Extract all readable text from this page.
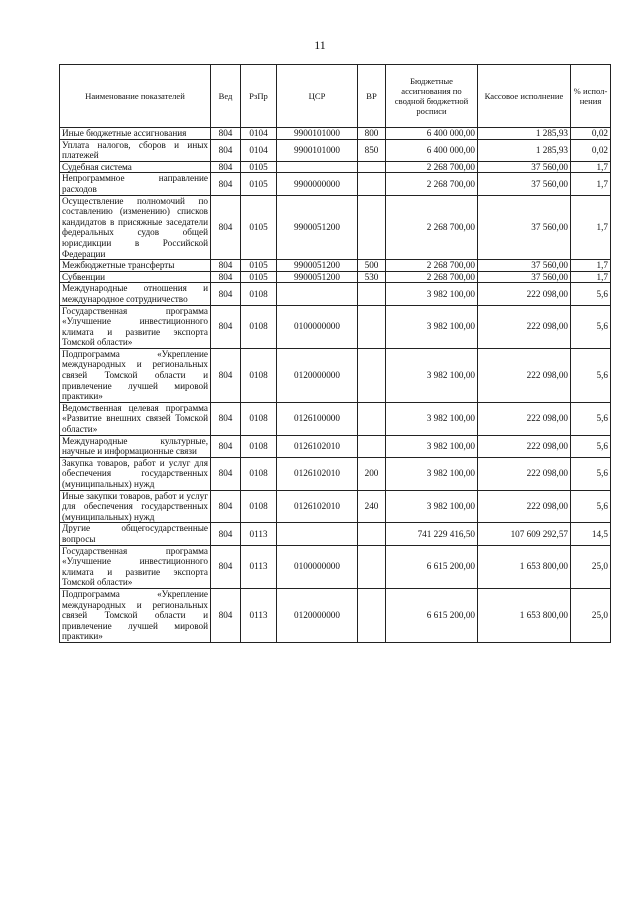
11
Наименование показателей	Вед	РзПр	ЦСР	ВР	Бюджетные ассигнования по сводной бюджетной росписи	Кассовое исполнение	% испол-нения
Иные бюджетные ассигнования	804	0104	9900101000	800	6 400 000,00	1 285,93	0,02
Уплата налогов, сборов и иных платежей	804	0104	9900101000	850	6 400 000,00	1 285,93	0,02
Судебная система	804	0105			2 268 700,00	37 560,00	1,7
Непрограммное направление расходов	804	0105	9900000000		2 268 700,00	37 560,00	1,7
Осуществление полномочий по составлению (изменению) списков кандидатов в присяжные заседатели федеральных судов общей юрисдикции в Российской Федерации	804	0105	9900051200		2 268 700,00	37 560,00	1,7
Межбюджетные трансферты	804	0105	9900051200	500	2 268 700,00	37 560,00	1,7
Субвенции	804	0105	9900051200	530	2 268 700,00	37 560,00	1,7
Международные отношения и международное сотрудничество	804	0108			3 982 100,00	222 098,00	5,6
Государственная программа «Улучшение инвестиционного климата и развитие экспорта Томской области»	804	0108	0100000000		3 982 100,00	222 098,00	5,6
Подпрограмма «Укрепление международных и региональных связей Томской области и привлечение лучшей мировой практики»	804	0108	0120000000		3 982 100,00	222 098,00	5,6
Ведомственная целевая программа «Развитие внешних связей Томской области»	804	0108	0126100000		3 982 100,00	222 098,00	5,6
Международные культурные, научные и информационные связи	804	0108	0126102010		3 982 100,00	222 098,00	5,6
Закупка товаров, работ и услуг для обеспечения государственных (муниципальных) нужд	804	0108	0126102010	200	3 982 100,00	222 098,00	5,6
Иные закупки товаров, работ и услуг для обеспечения государственных (муниципальных) нужд	804	0108	0126102010	240	3 982 100,00	222 098,00	5,6
Другие общегосударственные вопросы	804	0113			741 229 416,50	107 609 292,57	14,5
Государственная программа «Улучшение инвестиционного климата и развитие экспорта Томской области»	804	0113	0100000000		6 615 200,00	1 653 800,00	25,0
Подпрограмма «Укрепление международных и региональных связей Томской области и привлечение лучшей мировой практики»	804	0113	0120000000		6 615 200,00	1 653 800,00	25,0
